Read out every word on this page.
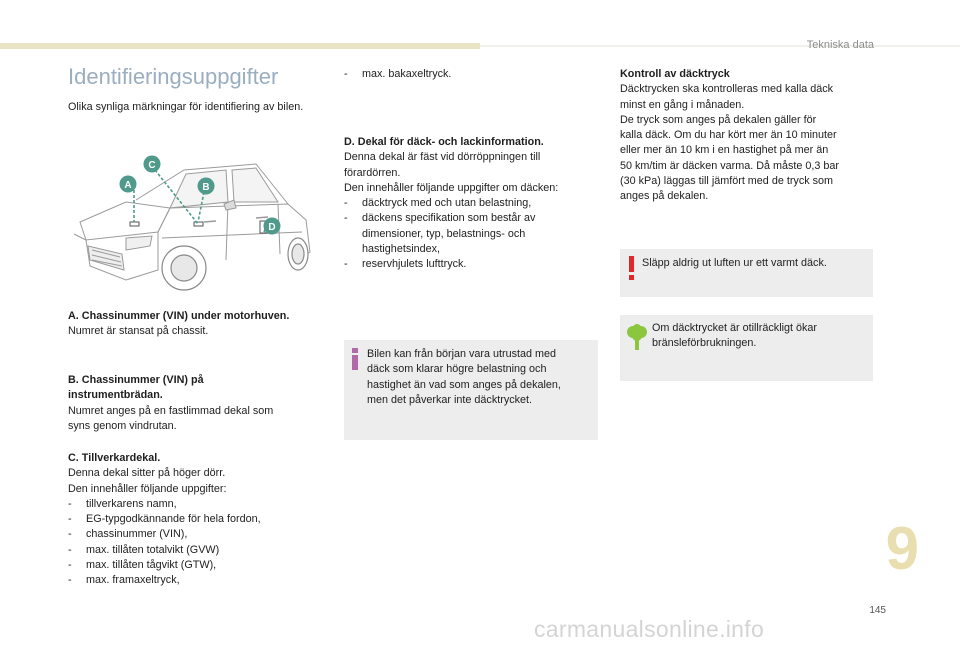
Tekniska data
9
145
Identifieringsuppgifter
Olika synliga märkningar för identifiering av bilen.
C
A	B
D

A. Chassinummer (VIN) under motorhuven.

Numret är stansat på chassit.

B. Chassinummer (VIN) på

instrumentbrädan.

Numret anges på en fastlimmad dekal som

syns genom vindrutan.

C. Tillverkardekal.

Denna dekal sitter på höger dörr.

Den innehåller följande uppgifter:

- tillverkarens namn,

- EG-typgodkännande för hela fordon,

- chassinummer (VIN),

- max. tillåten totalvikt (GVW)

- max. tillåten tågvikt (GTW),

- max. framaxeltryck,

- max. bakaxeltryck.

D. Dekal för däck- och lackinformation.

Denna dekal är fäst vid dörröppningen till

förardörren.

Den innehåller följande uppgifter om däcken:

- däcktryck med och utan belastning,

- däckens specifikation som består av

dimensioner, typ, belastnings- och

hastighetsindex,

- reservhjulets lufttryck.

Bilen kan från början vara utrustad med

däck som klarar högre belastning och

hastighet än vad som anges på dekalen,

men det påverkar inte däcktrycket.

Kontroll av däcktryck

Däcktrycken ska kontrolleras med kalla däck

minst en gång i månaden.

De tryck som anges på dekalen gäller för

kalla däck. Om du har kört mer än 10 minuter

eller mer än 10 km i en hastighet på mer än

50 km/tim är däcken varma. Då måste 0,3 bar

(30 kPa) läggas till jämfört med de tryck som

anges på dekalen.

Släpp aldrig ut luften ur ett varmt däck.

Om däcktrycket är otillräckligt ökar

bränsleförbrukningen.

carmanualsonline.info
